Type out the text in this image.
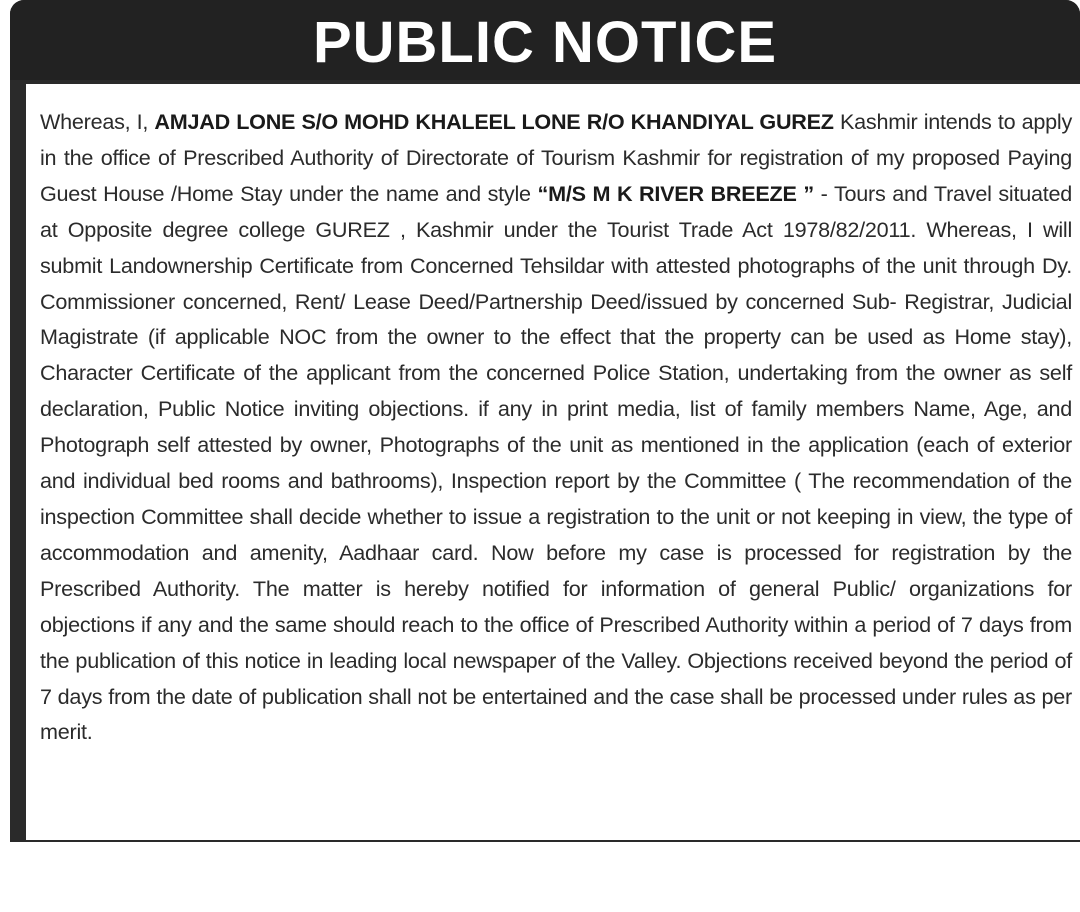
PUBLIC NOTICE

Whereas, I, AMJAD LONE S/O MOHD KHALEEL LONE R/O KHANDIYAL GUREZ Kashmir intends to apply in the office of Prescribed Authority of Directorate of Tourism Kashmir for registration of my proposed Paying Guest House /Home Stay under the name and style “M/S M K RIVER BREEZE ” - Tours and Travel situated at Opposite degree college GUREZ , Kashmir under the Tourist Trade Act 1978/82/2011. Whereas, I will submit Landownership Certificate from Concerned Tehsildar with attested photographs of the unit through Dy. Commissioner concerned, Rent/ Lease Deed/Partnership Deed/issued by concerned Sub- Registrar, Judicial Magistrate (if applicable NOC from the owner to the effect that the property can be used as Home stay), Character Certificate of the applicant from the concerned Police Station, undertaking from the owner as self declaration, Public Notice inviting objections. if any in print media, list of family members Name, Age, and Photograph self attested by owner, Photographs of the unit as mentioned in the application (each of exterior and individual bed rooms and bathrooms), Inspection report by the Committee ( The recommendation of the inspection Committee shall decide whether to issue a registration to the unit or not keeping in view, the type of accommodation and amenity, Aadhaar card. Now before my case is processed for registration by the Prescribed Authority. The matter is hereby notified for information of general Public/ organizations for objections if any and the same should reach to the office of Prescribed Authority within a period of 7 days from the publication of this notice in leading local newspaper of the Valley. Objections received beyond the period of 7 days from the date of publication shall not be entertained and the case shall be processed under rules as per merit.
